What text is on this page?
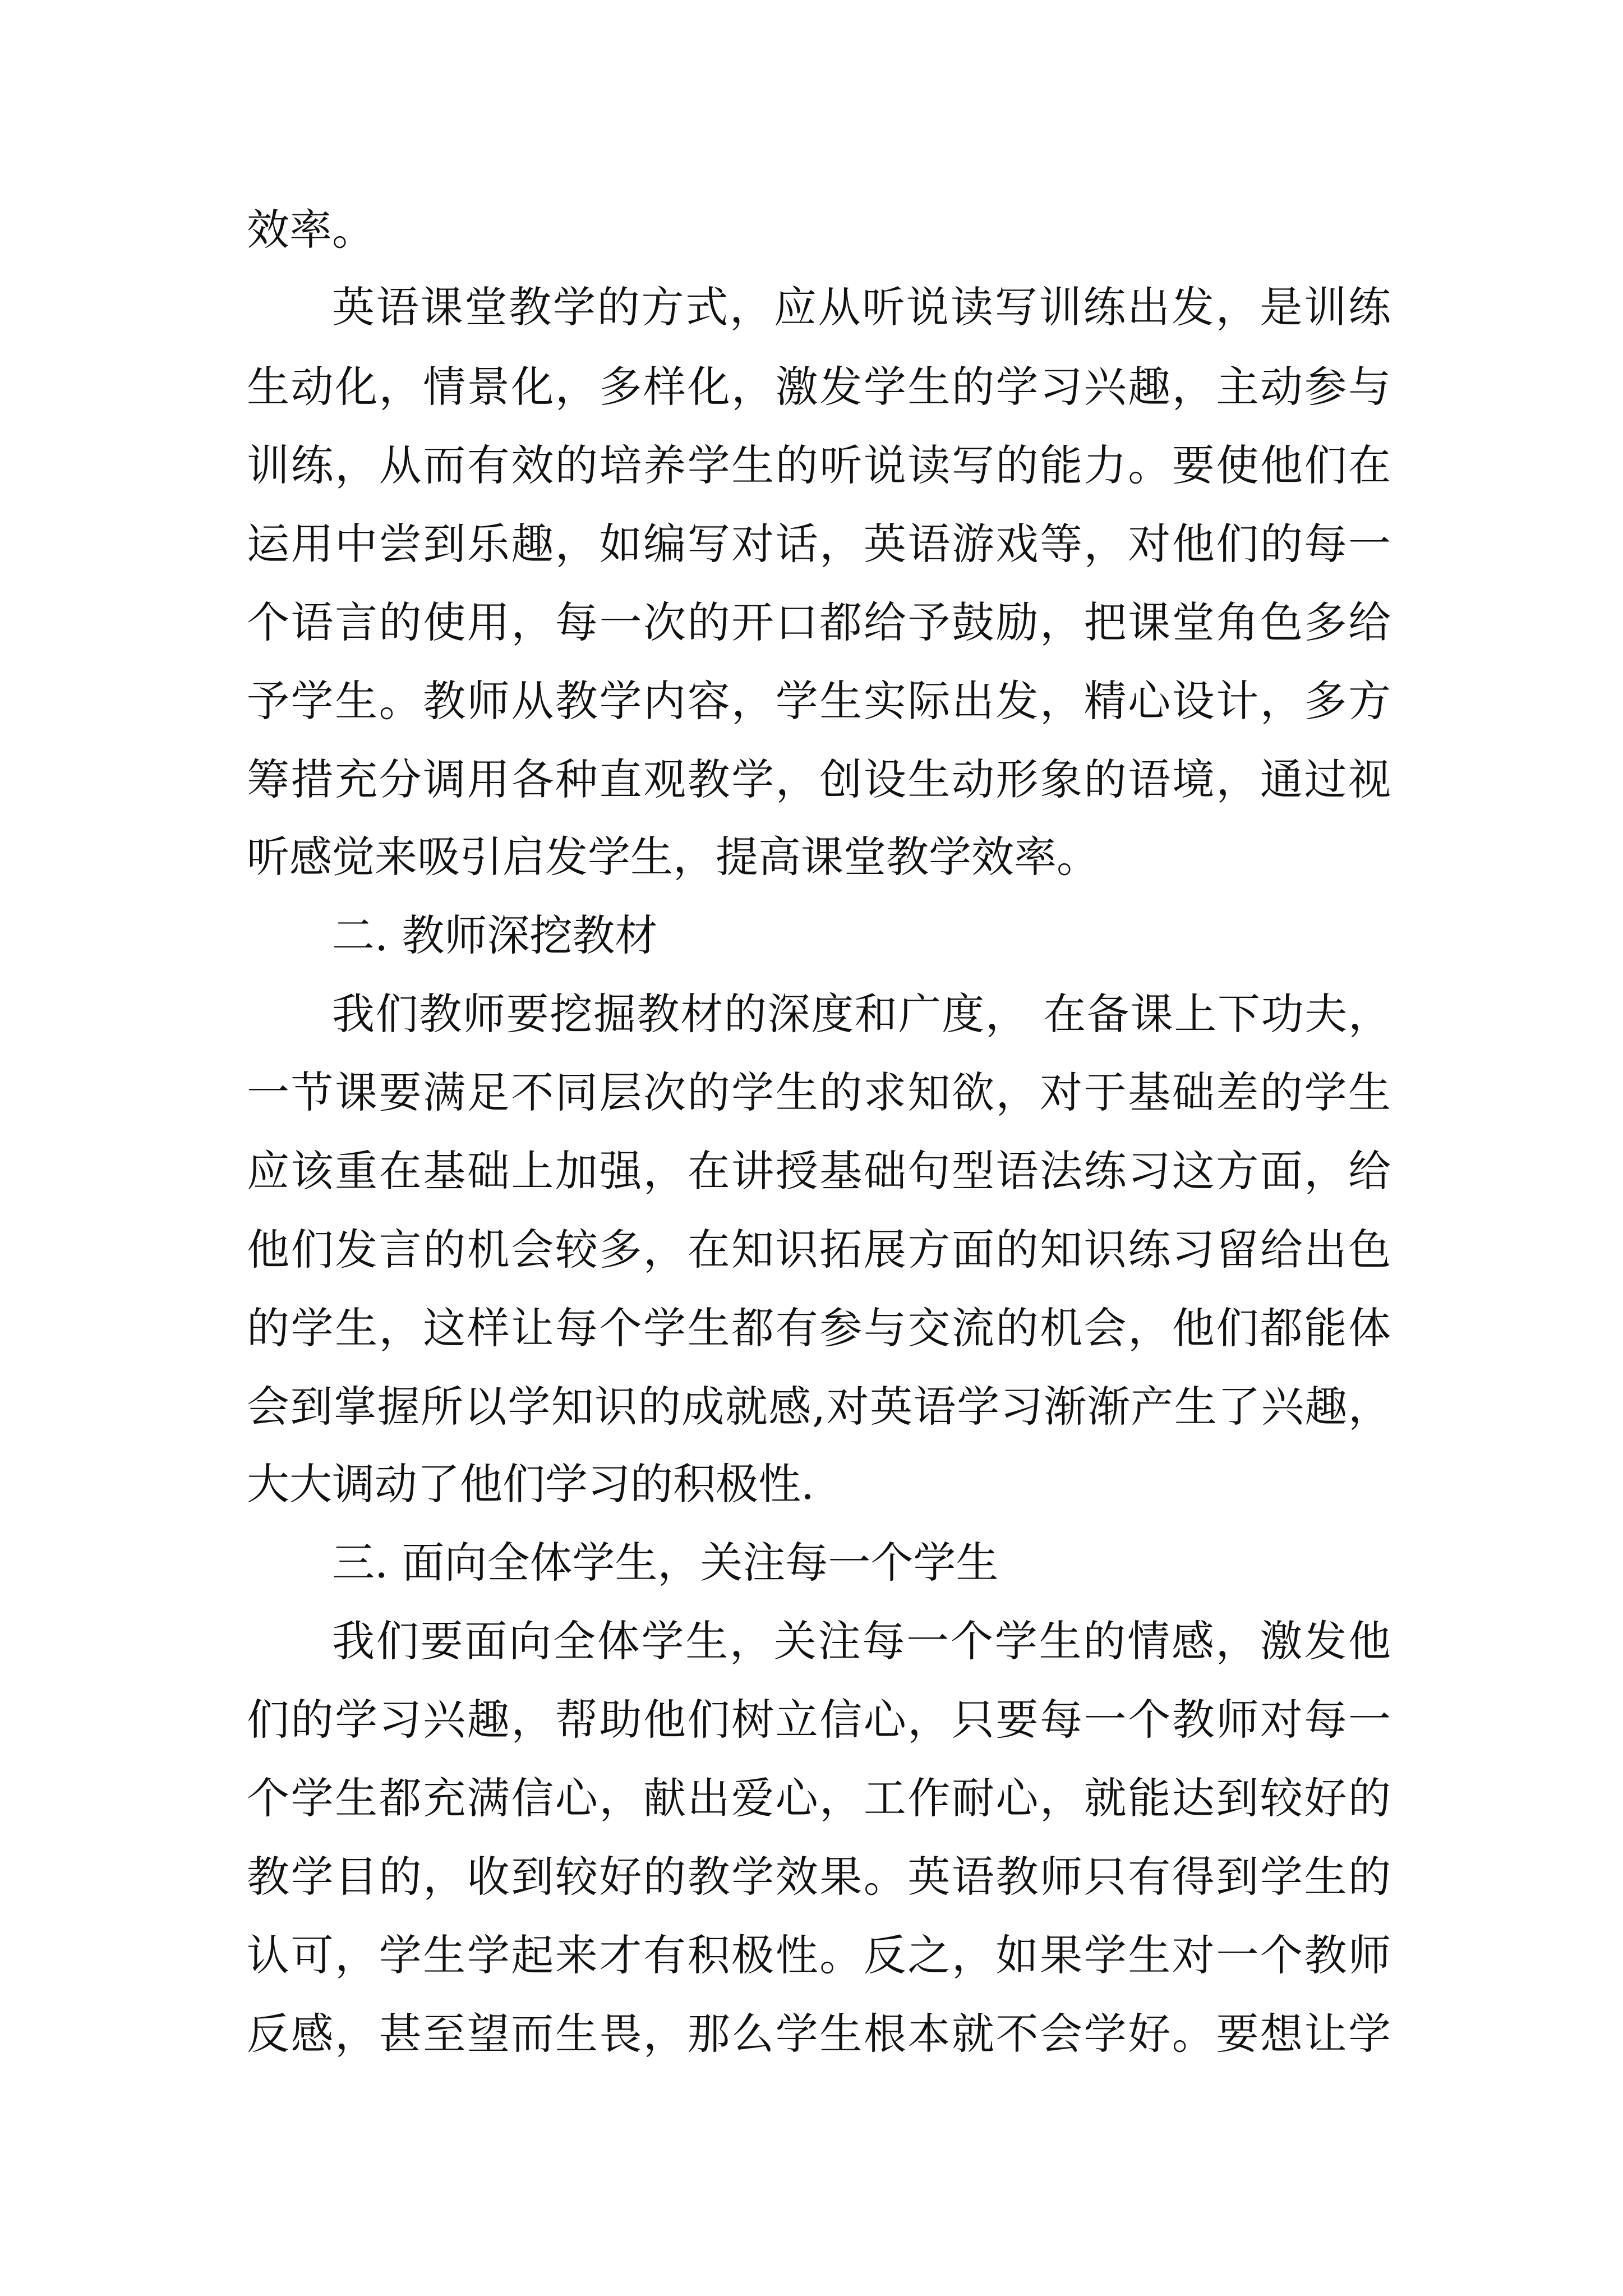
效率。

英语课堂教学的方式，应从听说读写训练出发，是训练

生动化，情景化，多样化，激发学生的学习兴趣，主动参与

训练，从而有效的培养学生的听说读写的能力。要使他们在

运用中尝到乐趣，如编写对话，英语游戏等，对他们的每一

个语言的使用，每一次的开口都给予鼓励，把课堂角色多给

予学生。教师从教学内容，学生实际出发，精心设计，多方

筹措充分调用各种直观教学，创设生动形象的语境，通过视

听感觉来吸引启发学生，提高课堂教学效率。

二. 教师深挖教材

我们教师要挖掘教材的深度和广度， 在备课上下功夫，

一节课要满足不同层次的学生的求知欲，对于基础差的学生

应该重在基础上加强，在讲授基础句型语法练习这方面，给

他们发言的机会较多，在知识拓展方面的知识练习留给出色

的学生，这样让每个学生都有参与交流的机会，他们都能体

会到掌握所以学知识的成就感,对英语学习渐渐产生了兴趣，

大大调动了他们学习的积极性.

三. 面向全体学生，关注每一个学生

我们要面向全体学生，关注每一个学生的情感，激发他

们的学习兴趣，帮助他们树立信心，只要每一个教师对每一

个学生都充满信心，献出爱心，工作耐心，就能达到较好的

教学目的，收到较好的教学效果。英语教师只有得到学生的

认可，学生学起来才有积极性。反之，如果学生对一个教师

反感，甚至望而生畏，那么学生根本就不会学好。要想让学
